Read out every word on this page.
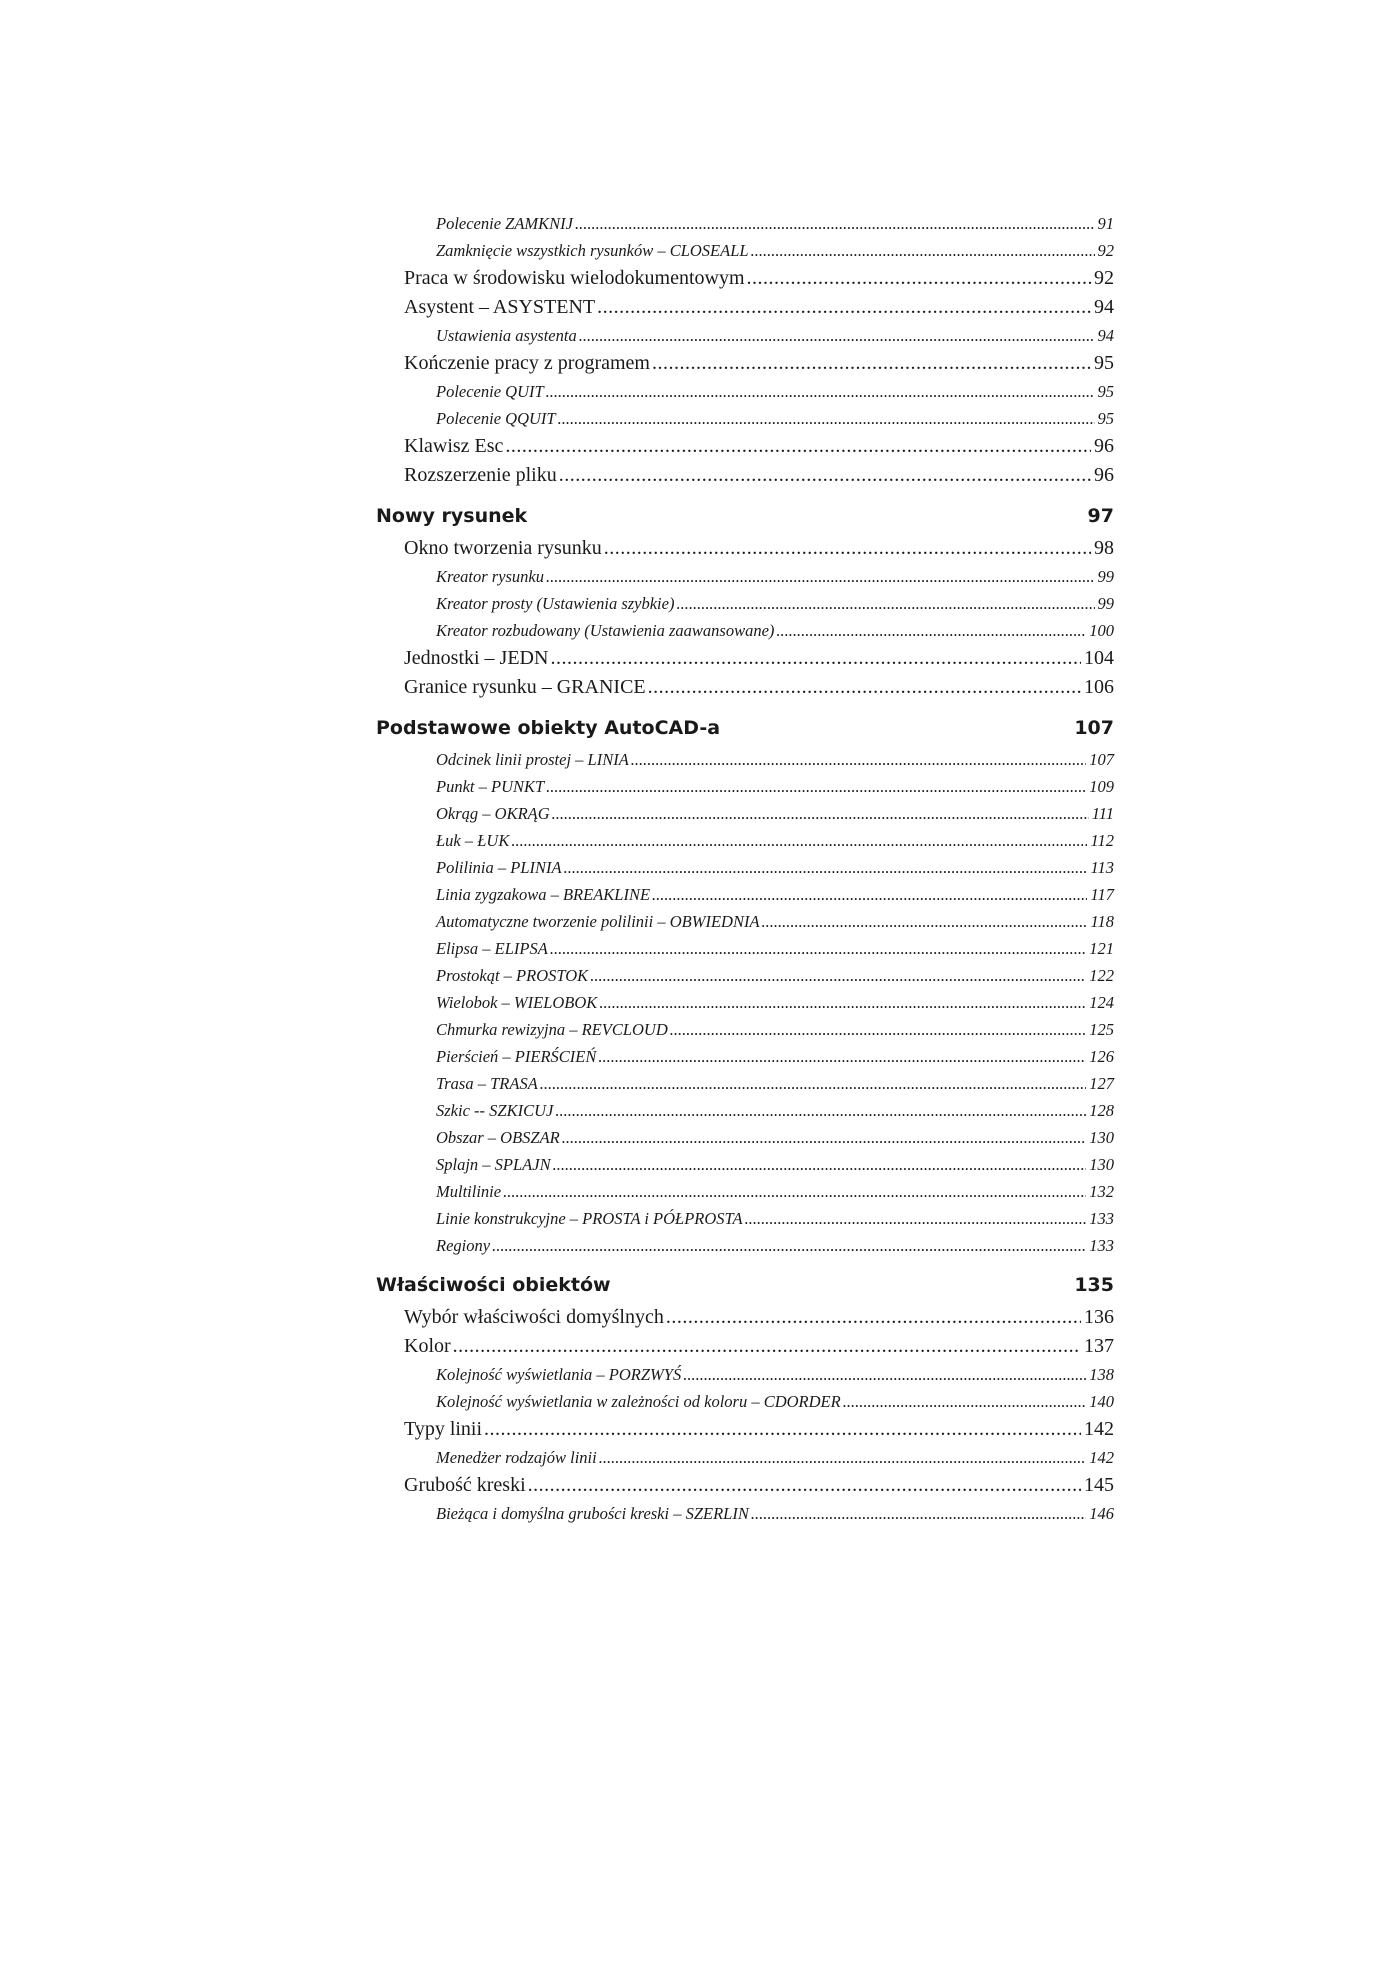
Polecenie ZAMKNIJ .....	91
Zamknięcie wszystkich rysunków – CLOSEALL .....	92
Praca w środowisku wielodokumentowym .....	92
Asystent – ASYSTENT .....	94
Ustawienia asystenta .....	94
Kończenie pracy z programem .....	95
Polecenie QUIT .....	95
Polecenie QQUIT .....	95
Klawisz Esc .....	96
Rozszerzenie pliku .....	96
Nowy rysunek	97
Okno tworzenia rysunku .....	98
Kreator rysunku .....	99
Kreator prosty (Ustawienia szybkie) .....	99
Kreator rozbudowany (Ustawienia zaawansowane) .....	100
Jednostki – JEDN .....	104
Granice rysunku – GRANICE .....	106
Podstawowe obiekty AutoCAD-a	107
Odcinek linii prostej – LINIA .....	107
Punkt – PUNKT .....	109
Okrąg – OKRĄG .....	111
Łuk – ŁUK .....	112
Polilinia – PLINIA .....	113
Linia zygzakowa – BREAKLINE .....	117
Automatyczne tworzenie polilinii – OBWIEDNIA .....	118
Elipsa – ELIPSA .....	121
Prostokąt – PROSTOK .....	122
Wielobok – WIELOBOK .....	124
Chmurka rewizyjna – REVCLOUD .....	125
Pierścień – PIERŚCIEŃ .....	126
Trasa – TRASA .....	127
Szkic -- SZKICUJ .....	128
Obszar – OBSZAR .....	130
Splajn – SPLAJN .....	130
Multilinie .....	132
Linie konstrukcyjne – PROSTA i PÓŁPROSTA .....	133
Regiony .....	133
Właściwości obiektów	135
Wybór właściwości domyślnych .....	136
Kolor .....	137
Kolejność wyświetlania – PORZWYŚ .....	138
Kolejność wyświetlania w zależności od koloru – CDORDER .....	140
Typy linii .....	142
Menedżer rodzajów linii .....	142
Grubość kreski .....	145
Bieżąca i domyślna grubości kreski – SZERLIN .....	146
